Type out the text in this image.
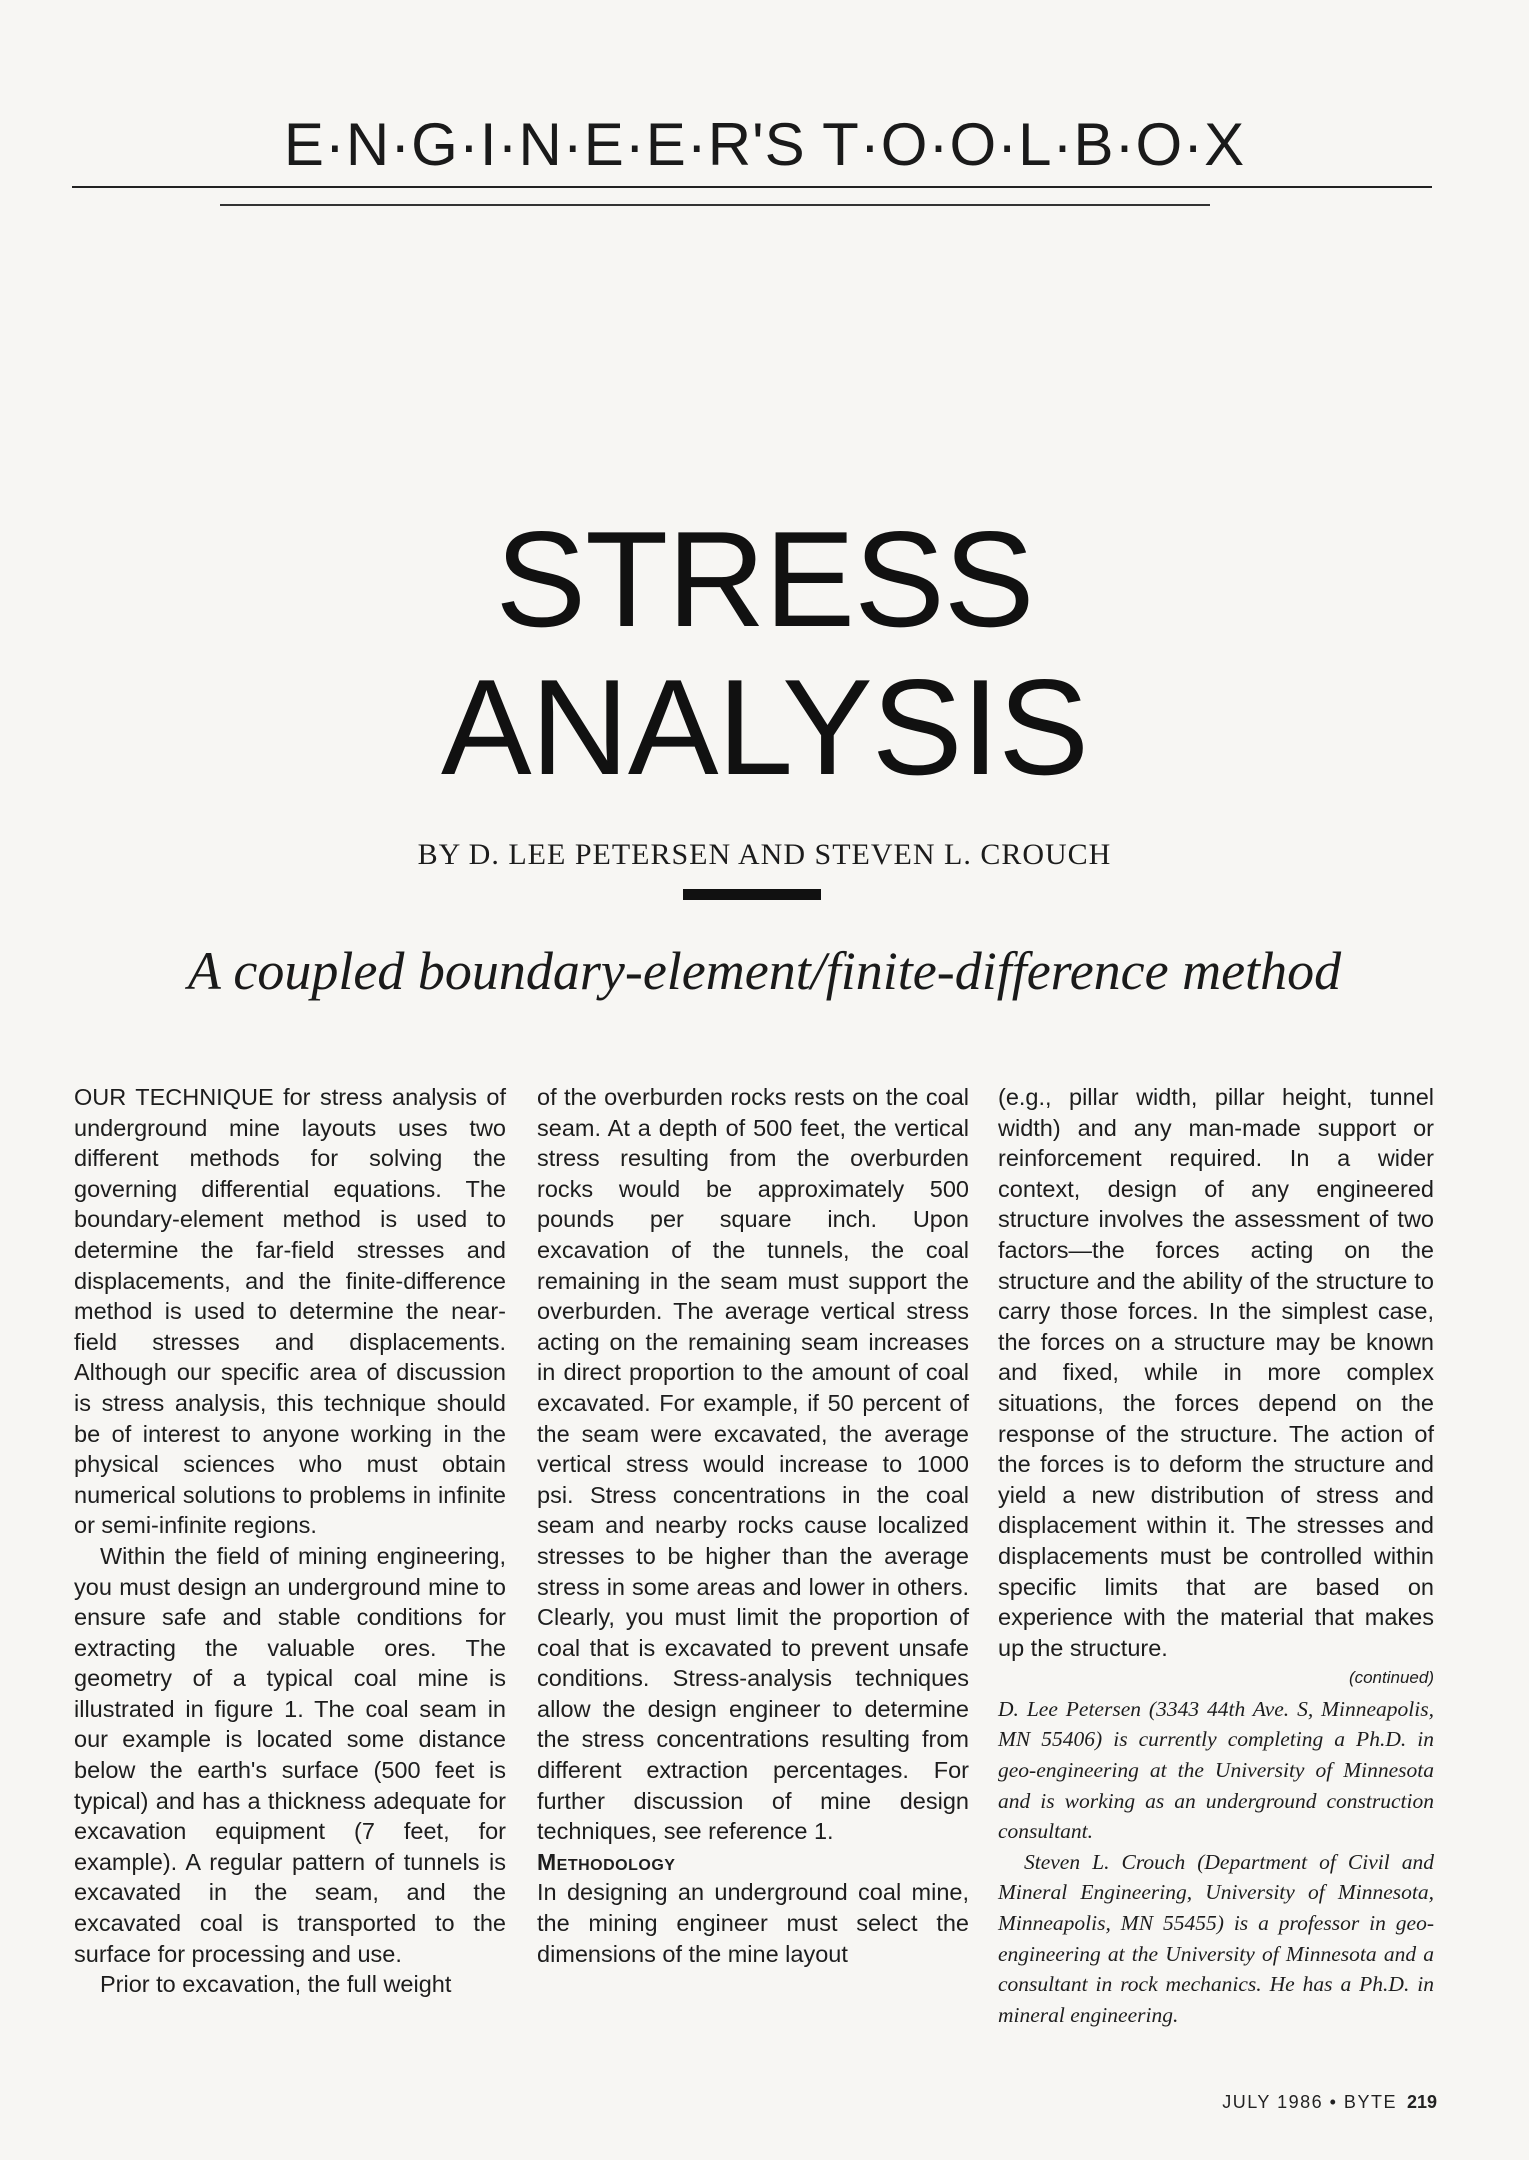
E·N·G·I·N·E·E·R'S T·O·O·L·B·O·X
STRESS
ANALYSIS
BY D. LEE PETERSEN AND STEVEN L. CROUCH
A coupled boundary-element/finite-difference method

OUR TECHNIQUE for stress analysis of underground mine layouts uses two different methods for solving the governing differential equations. The boundary-element method is used to determine the far-field stresses and displacements, and the finite-difference method is used to determine the near-field stresses and displacements. Although our specific area of discussion is stress analysis, this technique should be of interest to anyone working in the physical sciences who must obtain numerical solutions to problems in infinite or semi-infinite regions.

Within the field of mining engineering, you must design an underground mine to ensure safe and stable conditions for extracting the valuable ores. The geometry of a typical coal mine is illustrated in figure 1. The coal seam in our example is located some distance below the earth's surface (500 feet is typical) and has a thickness adequate for excavation equipment (7 feet, for example). A regular pattern of tunnels is excavated in the seam, and the excavated coal is transported to the surface for processing and use.

Prior to excavation, the full weight

of the overburden rocks rests on the coal seam. At a depth of 500 feet, the vertical stress resulting from the overburden rocks would be approximately 500 pounds per square inch. Upon excavation of the tunnels, the coal remaining in the seam must support the overburden. The average vertical stress acting on the remaining seam increases in direct proportion to the amount of coal excavated. For example, if 50 percent of the seam were excavated, the average vertical stress would increase to 1000 psi. Stress concentrations in the coal seam and nearby rocks cause localized stresses to be higher than the average stress in some areas and lower in others. Clearly, you must limit the proportion of coal that is excavated to prevent unsafe conditions. Stress-analysis techniques allow the design engineer to determine the stress concentrations resulting from different extraction percentages. For further discussion of mine design techniques, see reference 1.

Methodology

In designing an underground coal mine, the mining engineer must select the dimensions of the mine layout

(e.g., pillar width, pillar height, tunnel width) and any man-made support or reinforcement required. In a wider context, design of any engineered structure involves the assessment of two factors—the forces acting on the structure and the ability of the structure to carry those forces. In the simplest case, the forces on a structure may be known and fixed, while in more complex situations, the forces depend on the response of the structure. The action of the forces is to deform the structure and yield a new distribution of stress and displacement within it. The stresses and displacements must be controlled within specific limits that are based on experience with the material that makes up the structure.

(continued)

D. Lee Petersen (3343 44th Ave. S, Minneapolis, MN 55406) is currently completing a Ph.D. in geo-engineering at the University of Minnesota and is working as an underground construction consultant.

Steven L. Crouch (Department of Civil and Mineral Engineering, University of Minnesota, Minneapolis, MN 55455) is a professor in geo-engineering at the University of Minnesota and a consultant in rock mechanics. He has a Ph.D. in mineral engineering.

JULY 1986 • BYTE 219
